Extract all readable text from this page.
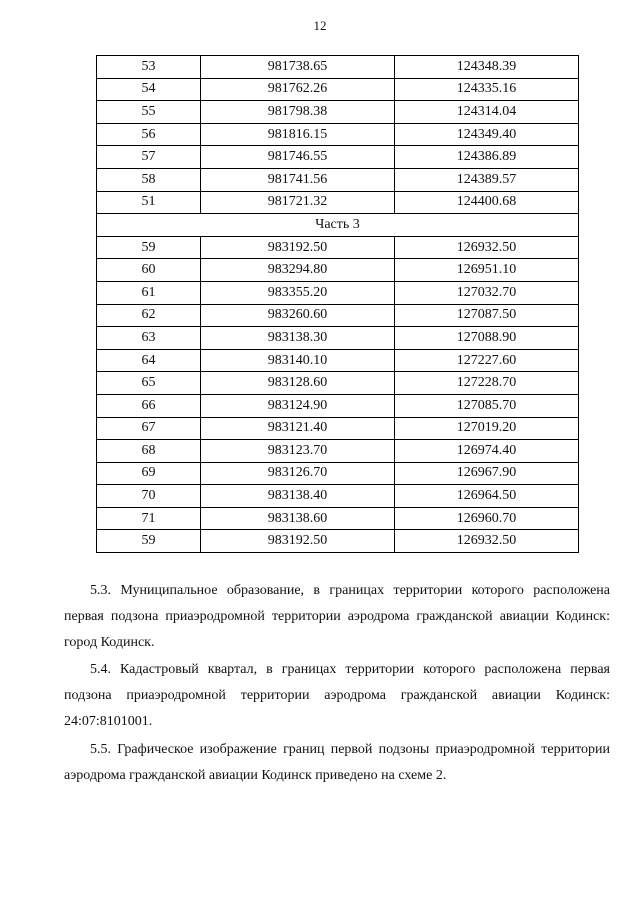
12
53	981738.65	124348.39
54	981762.26	124335.16
55	981798.38	124314.04
56	981816.15	124349.40
57	981746.55	124386.89
58	981741.56	124389.57
51	981721.32	124400.68
Часть 3		
59	983192.50	126932.50
60	983294.80	126951.10
61	983355.20	127032.70
62	983260.60	127087.50
63	983138.30	127088.90
64	983140.10	127227.60
65	983128.60	127228.70
66	983124.90	127085.70
67	983121.40	127019.20
68	983123.70	126974.40
69	983126.70	126967.90
70	983138.40	126964.50
71	983138.60	126960.70
59	983192.50	126932.50
5.3. Муниципальное образование, в границах территории которого расположена первая подзона приаэродромной территории аэродрома гражданской авиации Кодинск: город Кодинск.
5.4. Кадастровый квартал, в границах территории которого расположена первая подзона приаэродромной территории аэродрома гражданской авиации Кодинск: 24:07:8101001.
5.5. Графическое изображение границ первой подзоны приаэродромной территории аэродрома гражданской авиации Кодинск приведено на схеме 2.
